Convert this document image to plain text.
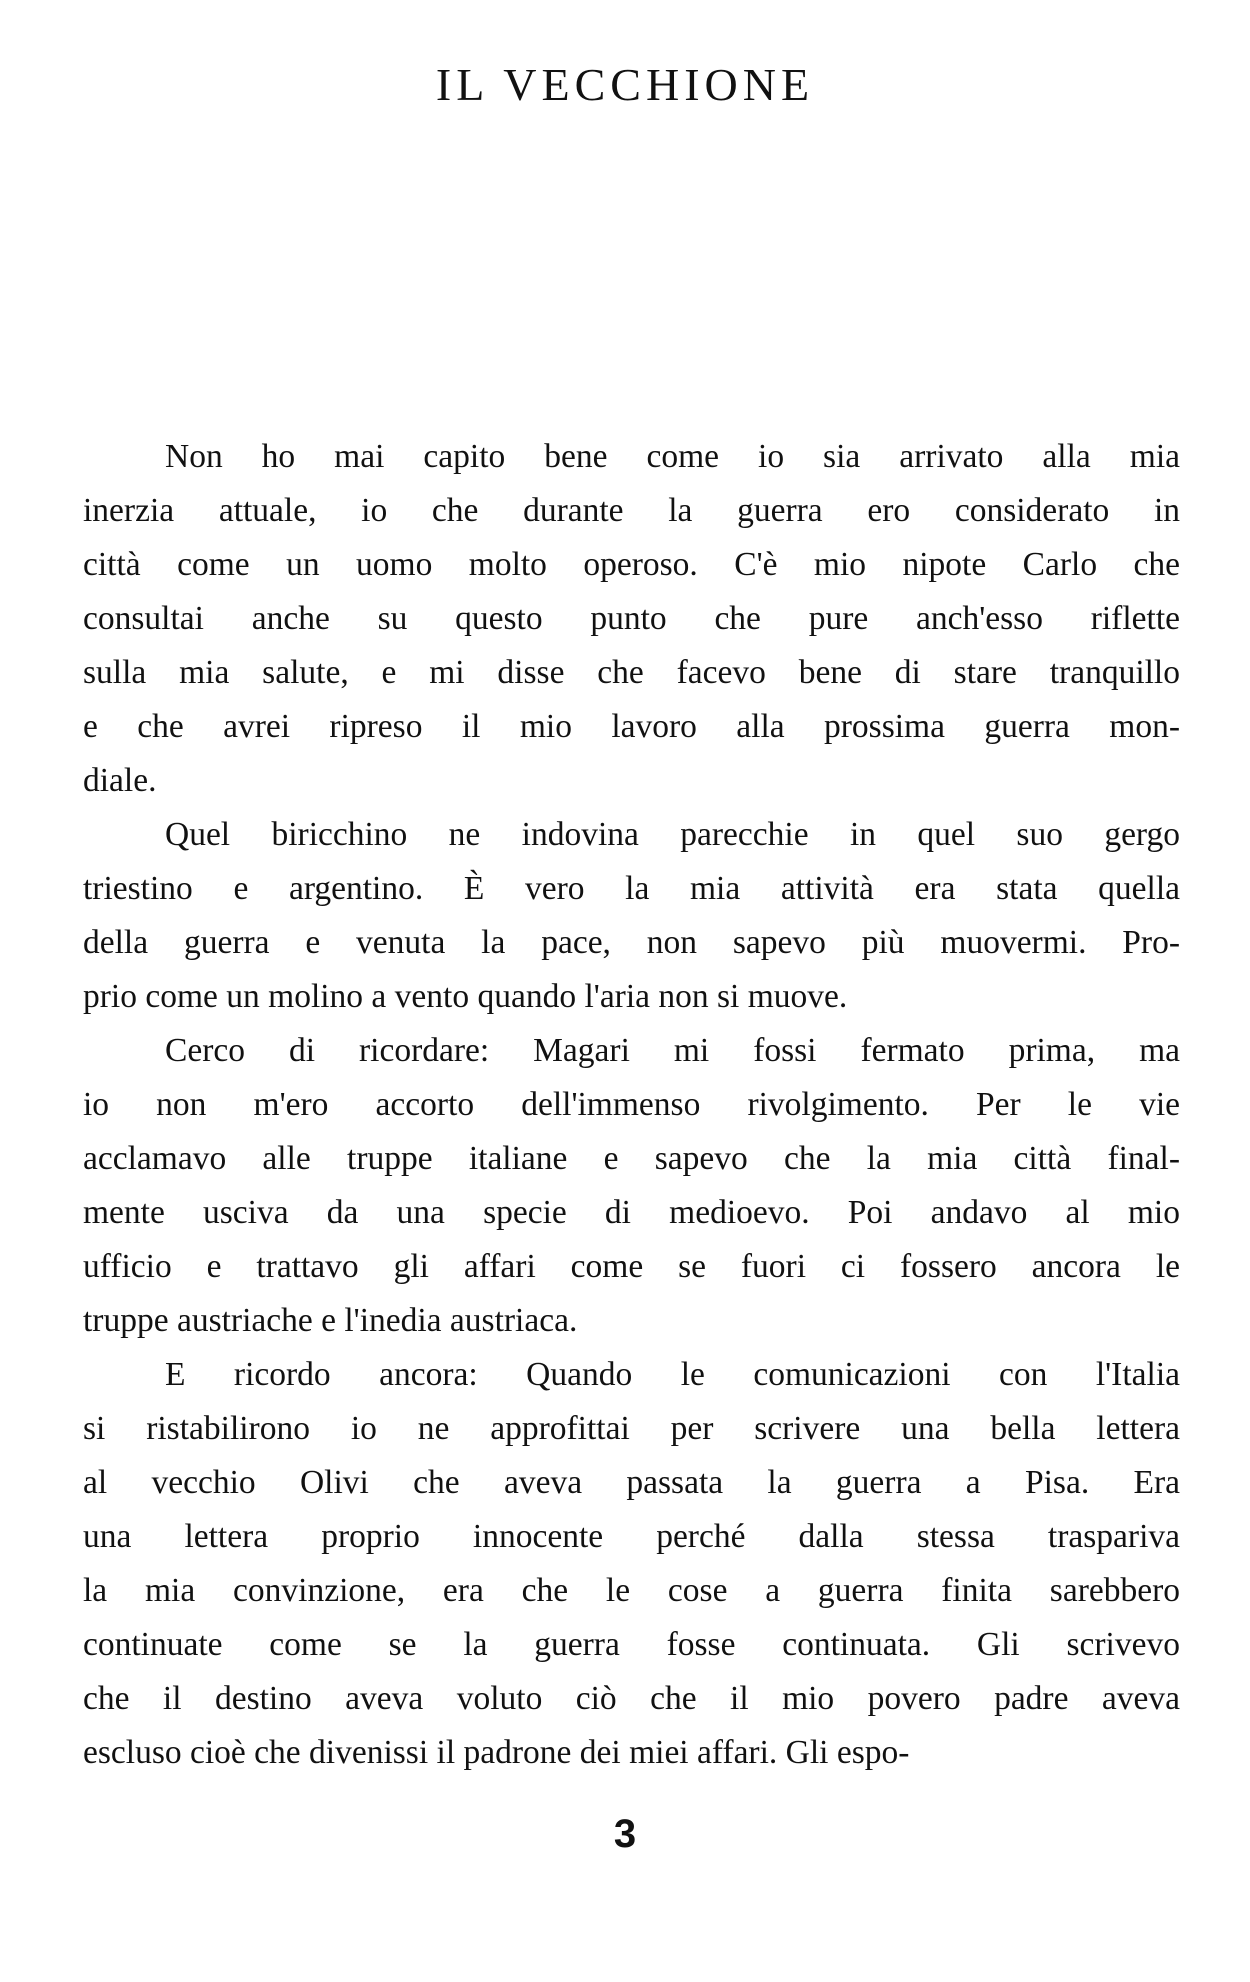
IL VECCHIONE
Non ho mai capito bene come io sia arrivato alla mia
inerzia attuale, io che durante la guerra ero considerato in
città come un uomo molto operoso. C'è mio nipote Carlo che
consultai anche su questo punto che pure anch'esso riflette
sulla mia salute, e mi disse che facevo bene di stare tranquillo
e che avrei ripreso il mio lavoro alla prossima guerra mon-
diale.
Quel biricchino ne indovina parecchie in quel suo gergo
triestino e argentino. È vero la mia attività era stata quella
della guerra e venuta la pace, non sapevo più muovermi. Pro-
prio come un molino a vento quando l'aria non si muove.
Cerco di ricordare: Magari mi fossi fermato prima, ma
io non m'ero accorto dell'immenso rivolgimento. Per le vie
acclamavo alle truppe italiane e sapevo che la mia città final-
mente usciva da una specie di medioevo. Poi andavo al mio
ufficio e trattavo gli affari come se fuori ci fossero ancora le
truppe austriache e l'inedia austriaca.
E ricordo ancora: Quando le comunicazioni con l'Italia
si ristabilirono io ne approfittai per scrivere una bella lettera
al vecchio Olivi che aveva passata la guerra a Pisa. Era
una lettera proprio innocente perché dalla stessa traspariva
la mia convinzione, era che le cose a guerra finita sarebbero
continuate come se la guerra fosse continuata. Gli scrivevo
che il destino aveva voluto ciò che il mio povero padre aveva
escluso cioè che divenissi il padrone dei miei affari. Gli espo-
3
